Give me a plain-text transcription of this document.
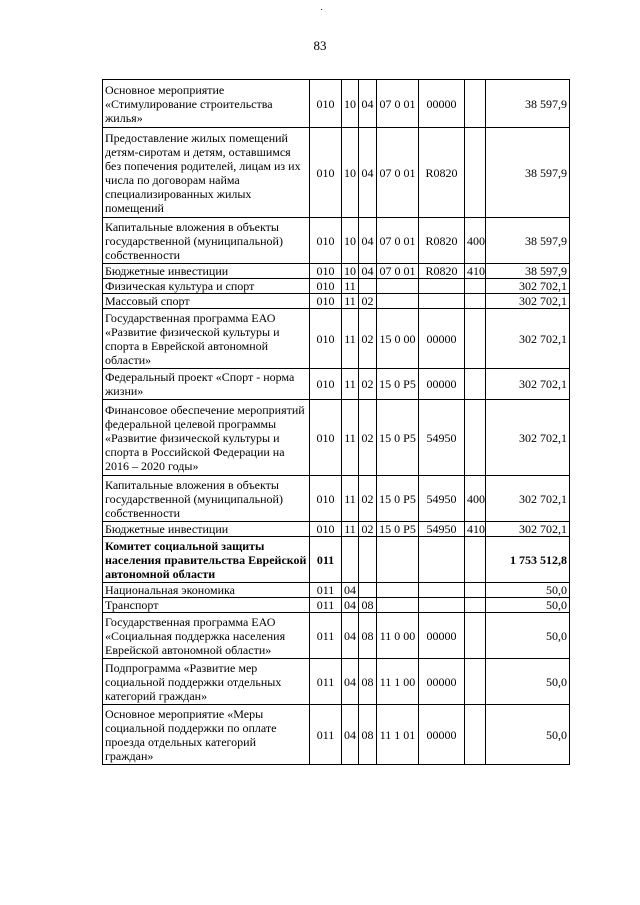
˙
83
Основное мероприятие «Стимулирование строительства жилья»	010	10	04	07 0 01	00000		38 597,9
Предоставление жилых помещений детям-сиротам и детям, оставшимся без попечения родителей, лицам из их числа по договорам найма специализированных жилых помещений	010	10	04	07 0 01	R0820		38 597,9
Капитальные вложения в объекты государственной (муниципальной) собственности	010	10	04	07 0 01	R0820	400	38 597,9
Бюджетные инвестиции	010	10	04	07 0 01	R0820	410	38 597,9
Физическая культура и спорт	010	11					302 702,1
Массовый спорт	010	11	02				302 702,1
Государственная программа ЕАО «Развитие физической культуры и спорта в Еврейской автономной области»	010	11	02	15 0 00	00000		302 702,1
Федеральный проект «Спорт - норма жизни»	010	11	02	15 0 P5	00000		302 702,1
Финансовое обеспечение мероприятий федеральной целевой программы «Развитие физической культуры и спорта в Российской Федерации на 2016 – 2020 годы»	010	11	02	15 0 P5	54950		302 702,1
Капитальные вложения в объекты государственной (муниципальной) собственности	010	11	02	15 0 P5	54950	400	302 702,1
Бюджетные инвестиции	010	11	02	15 0 P5	54950	410	302 702,1
Комитет социальной защиты населения правительства Еврейской автономной области	011						1 753 512,8
Национальная экономика	011	04					50,0
Транспорт	011	04	08				50,0
Государственная программа ЕАО «Социальная поддержка населения Еврейской автономной области»	011	04	08	11 0 00	00000		50,0
Подпрограмма «Развитие мер социальной поддержки отдельных категорий граждан»	011	04	08	11 1 00	00000		50,0
Основное мероприятие «Меры социальной поддержки по оплате проезда отдельных категорий граждан»	011	04	08	11 1 01	00000		50,0
